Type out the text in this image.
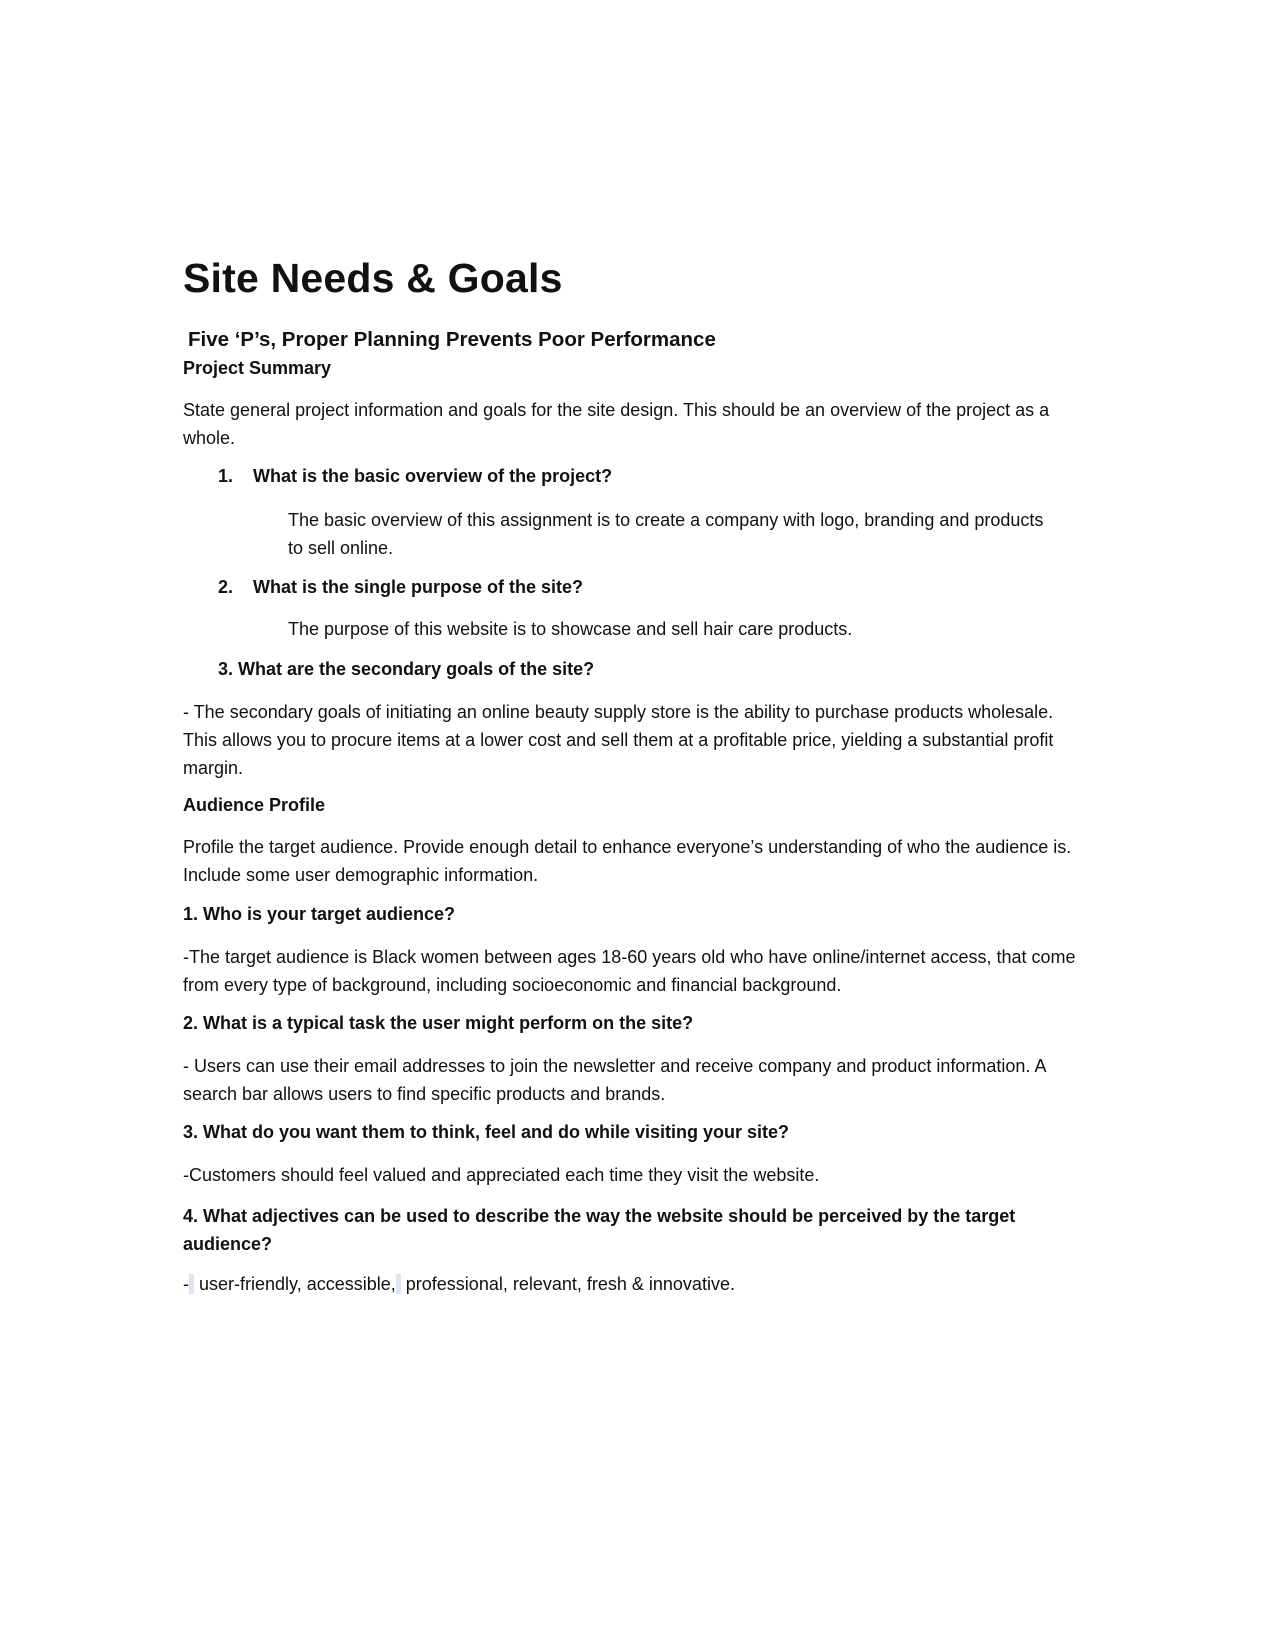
Site Needs & Goals
Five ‘P’s, Proper Planning Prevents Poor Performance
Project Summary

State general project information and goals for the site design. This should be an overview of the project as a whole.

1. What is the basic overview of the project?

The basic overview of this assignment is to create a company with logo, branding and products to sell online.

2. What is the single purpose of the site?

The purpose of this website is to showcase and sell hair care products.

3. What are the secondary goals of the site?

- The secondary goals of initiating an online beauty supply store is the ability to purchase products wholesale. This allows you to procure items at a lower cost and sell them at a profitable price, yielding a substantial profit margin.

Audience Profile

Profile the target audience. Provide enough detail to enhance everyone’s understanding of who the audience is. Include some user demographic information.

1. Who is your target audience?

-The target audience is Black women between ages 18-60 years old who have online/internet access, that come from every type of background, including socioeconomic and financial background.

2. What is a typical task the user might perform on the site?

- Users can use their email addresses to join the newsletter and receive company and product information. A search bar allows users to find specific products and brands.

3. What do you want them to think, feel and do while visiting your site?

-Customers should feel valued and appreciated each time they visit the website.

4. What adjectives can be used to describe the way the website should be perceived by the target audience?

-  user-friendly, accessible,  professional, relevant, fresh & innovative.
